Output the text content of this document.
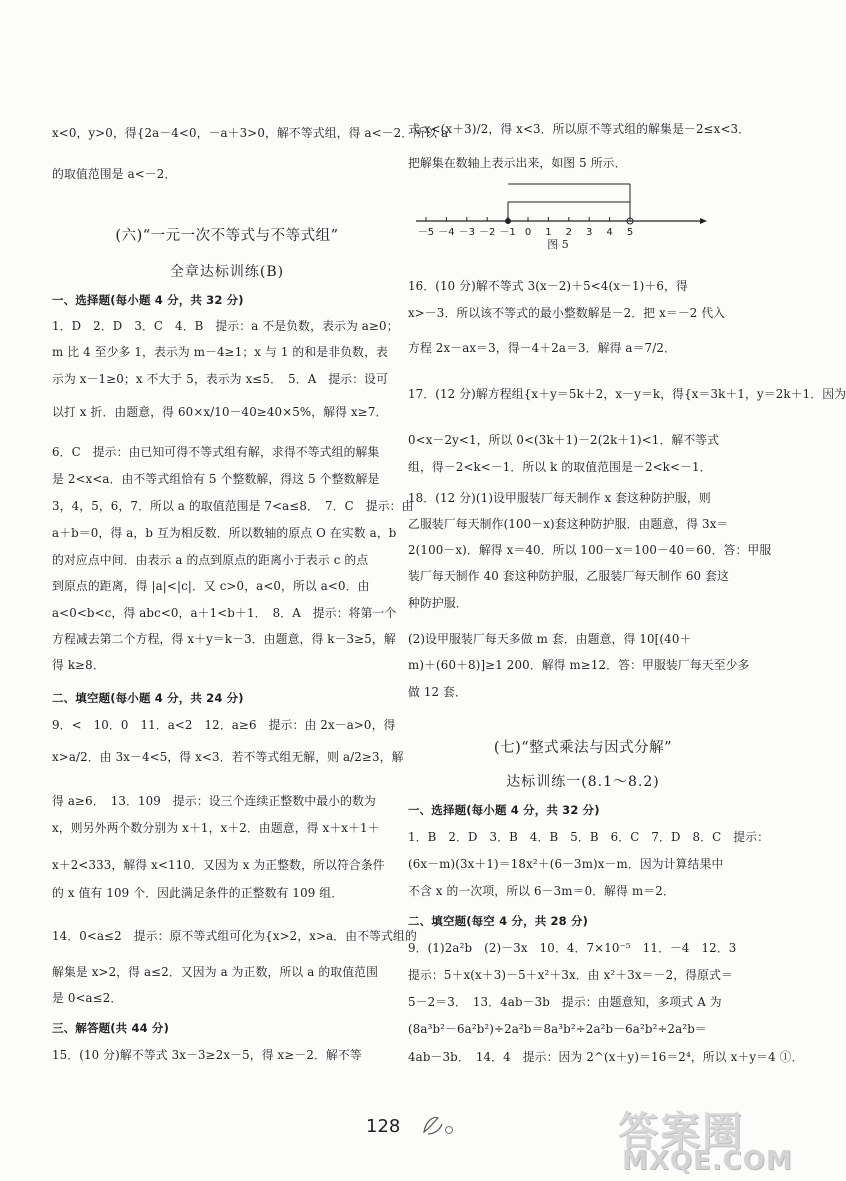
x<0，y>0，得{2a－4<0，－a＋3>0，解不等式组，得 a<－2．所以 a
的取值范围是 a<－2．
(六)“一元一次不等式与不等式组”
全章达标训练(B)
一、选择题(每小题 4 分，共 32 分)
1．D　2．D　3．C　4．B　提示：a 不是负数，表示为 a≥0；
m 比 4 至少多 1，表示为 m－4≥1；x 与 1 的和是非负数，表
示为 x－1≥0；x 不大于 5，表示为 x≤5．　5．A　提示：设可
以打 x 折．由题意，得 60×x/10－40≥40×5%，解得 x≥7．
6．C　提示：由已知可得不等式组有解，求得不等式组的解集
是 2<x<a．由不等式组恰有 5 个整数解，得这 5 个整数解是
3，4，5，6，7．所以 a 的取值范围是 7<a≤8．　7．C　提示：由
a＋b＝0，得 a，b 互为相反数．所以数轴的原点 O 在实数 a，b
的对应点中间．由表示 a 的点到原点的距离小于表示 c 的点
到原点的距离，得 |a|<|c|．又 c>0，a<0，所以 a<0．由
a<0<b<c，得 abc<0，a＋1<b＋1．　8．A　提示：将第一个
方程减去第二个方程，得 x＋y＝k－3．由题意，得 k－3≥5，解
得 k≥8．
二、填空题(每小题 4 分，共 24 分)
9．<　10．0　11．a<2　12．a≥6　提示：由 2x－a>0，得
x>a/2．由 3x－4<5，得 x<3．若不等式组无解，则 a/2≥3，解
得 a≥6．　13．109　提示：设三个连续正整数中最小的数为
x，则另外两个数分别为 x＋1，x＋2．由题意，得 x＋x＋1＋
x＋2<333，解得 x<110．又因为 x 为正整数，所以符合条件
的 x 值有 109 个．因此满足条件的正整数有 109 组．
14．0<a≤2　提示：原不等式组可化为{x>2，x>a．由不等式组的
解集是 x>2，得 a≤2．又因为 a 为正数，所以 a 的取值范围
是 0<a≤2．
三、解答题(共 44 分)
15．(10 分)解不等式 3x－3≥2x－5，得 x≥－2．解不等
式 x<(x＋3)/2，得 x<3．所以原不等式组的解集是－2≤x<3．
把解集在数轴上表示出来，如图 5 所示．
－5 －4 －3 －2 －1 0 1 2 3 4 5
图 5
16．(10 分)解不等式 3(x－2)＋5<4(x－1)＋6，得
x>－3．所以该不等式的最小整数解是－2．把 x＝－2 代入
方程 2x－ax＝3，得－4＋2a＝3．解得 a＝7/2．
17．(12 分)解方程组{x＋y＝5k＋2，x－y＝k，得{x＝3k＋1，y＝2k＋1．因为
0<x－2y<1，所以 0<(3k＋1)－2(2k＋1)<1．解不等式
组，得－2<k<－1．所以 k 的取值范围是－2<k<－1．
18．(12 分)(1)设甲服装厂每天制作 x 套这种防护服，则
乙服装厂每天制作(100－x)套这种防护服．由题意，得 3x＝
2(100－x)．解得 x＝40．所以 100－x＝100－40＝60．答：甲服
装厂每天制作 40 套这种防护服，乙服装厂每天制作 60 套这
种防护服．
(2)设甲服装厂每天多做 m 套．由题意，得 10[(40＋
m)＋(60＋8)]≥1 200．解得 m≥12．答：甲服装厂每天至少多
做 12 套．
(七)“整式乘法与因式分解”
达标训练一(8.1～8.2)
一、选择题(每小题 4 分，共 32 分)
1．B　2．D　3．B　4．B　5．B　6．C　7．D　8．C　提示：
(6x－m)(3x＋1)＝18x²＋(6－3m)x－m．因为计算结果中
不含 x 的一次项，所以 6－3m＝0．解得 m＝2．
二、填空题(每空 4 分，共 28 分)
9．(1)2a²b　(2)－3x　10．4．7×10⁻⁵　11．－4　12．3
提示：5＋x(x＋3)－5＋x²＋3x．由 x²＋3x＝－2，得原式＝
5－2＝3．　13．4ab－3b　提示：由题意知，多项式 A 为
(8a³b²－6a²b²)÷2a²b＝8a³b²÷2a²b－6a²b²÷2a²b＝
4ab－3b．　14．4　提示：因为 2^(x＋y)＝16＝2⁴，所以 x＋y＝4 ①．
128	答案圈
MXQE.COM
